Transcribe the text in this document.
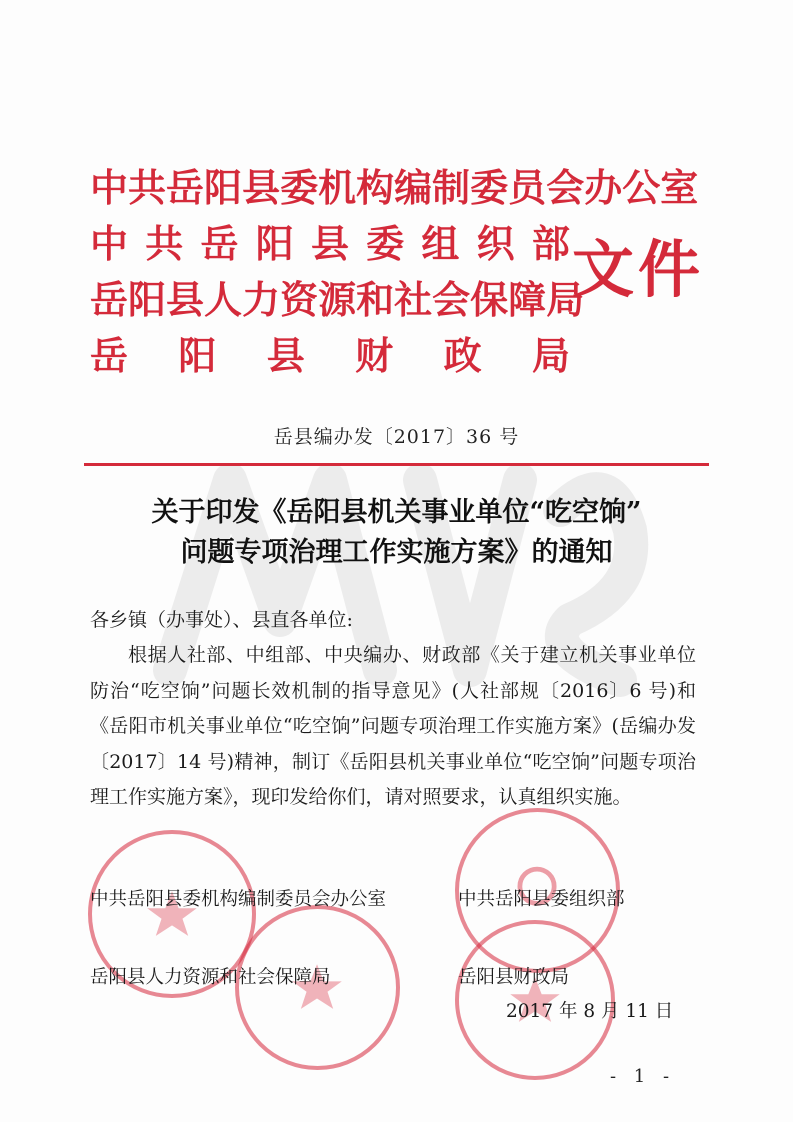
中 共 岳 阳 县 委 机 构 编 制 委 员 会 办 公 室
中 共 岳 阳 县 委 组 织 部
岳 阳 县 人 力 资 源 和 社 会 保 障 局
岳 阳 县 财 政 局
文件
岳县编办发〔2017〕36 号
关于印发《岳阳县机关事业单位“吃空饷”
问题专项治理工作实施方案》的通知
各乡镇（办事处）、县直各单位:
根据人社部、中组部、中央编办、财政部《关于建立机关事业单位防治“吃空饷”问题长效机制的指导意见》(人社部规〔2016〕6 号)和《岳阳市机关事业单位“吃空饷”问题专项治理工作实施方案》(岳编办发〔2017〕14 号)精神，制订《岳阳县机关事业单位“吃空饷”问题专项治理工作实施方案》，现印发给你们，请对照要求，认真组织实施。
中共岳阳县委机构编制委员会办公室	中共岳阳县委组织部
岳阳县人力资源和社会保障局	岳阳县财政局
2017 年 8 月 11 日
- 1 -
